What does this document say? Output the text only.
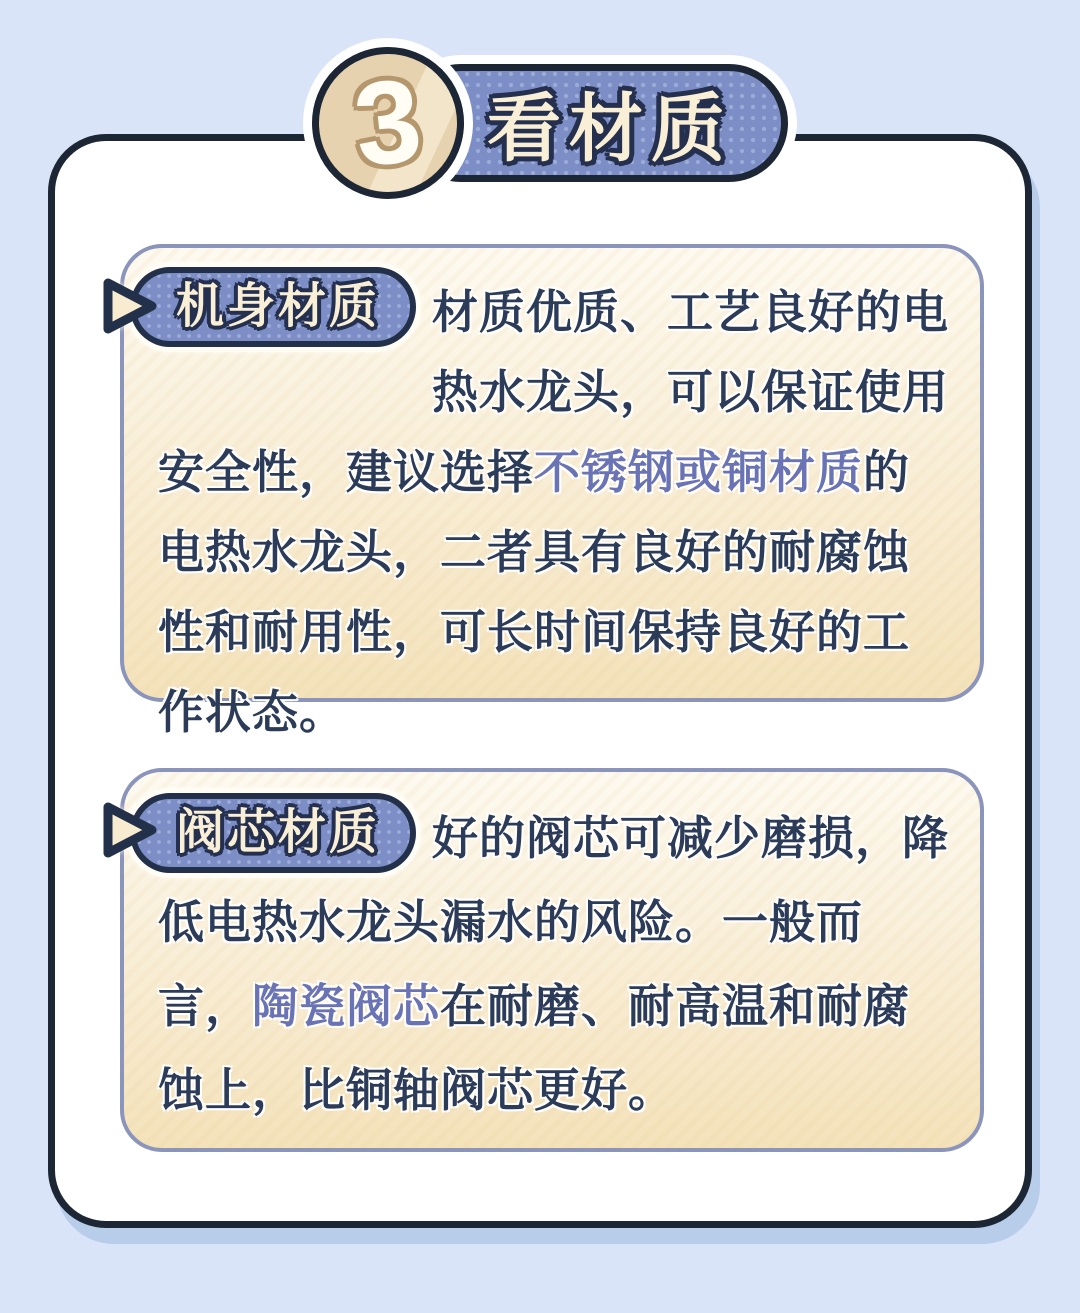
3 看材质

机身材质 材质优质、工艺良好的电热水龙头，可以保证使用安全性，建议选择不锈钢或铜材质的电热水龙头，二者具有良好的耐腐蚀性和耐用性，可长时间保持良好的工作状态。

阀芯材质 好的阀芯可减少磨损，降低电热水龙头漏水的风险。一般而言，陶瓷阀芯在耐磨、耐高温和耐腐蚀上，比铜轴阀芯更好。
